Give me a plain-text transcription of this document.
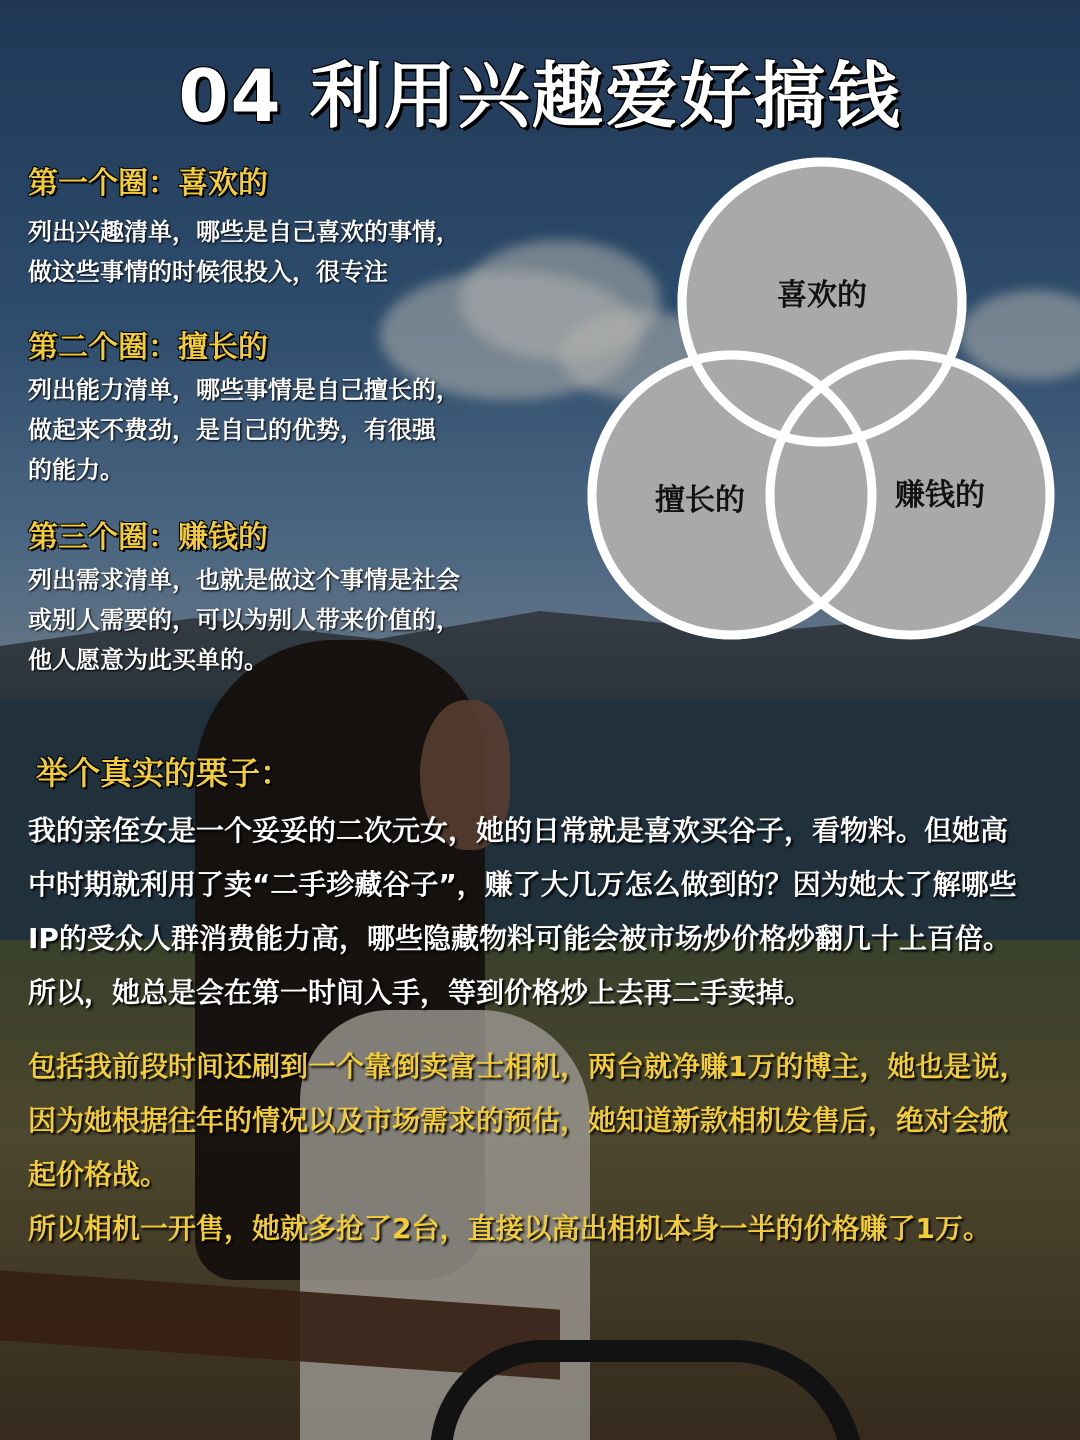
04 利用兴趣爱好搞钱
第一个圈：喜欢的
列出兴趣清单，哪些是自己喜欢的事情，
做这些事情的时候很投入，很专注
第二个圈：擅长的
列出能力清单，哪些事情是自己擅长的，
做起来不费劲，是自己的优势，有很强
的能力。
第三个圈：赚钱的
列出需求清单，也就是做这个事情是社会
或别人需要的，可以为别人带来价值的，
他人愿意为此买单的。
喜欢的
擅长的	赚钱的
举个真实的栗子：
我的亲侄女是一个妥妥的二次元女，她的日常就是喜欢买谷子，看物料。但她高中时期就利用了卖“二手珍藏谷子”，赚了大几万怎么做到的？因为她太了解哪些IP的受众人群消费能力高，哪些隐藏物料可能会被市场炒价格炒翻几十上百倍。所以，她总是会在第一时间入手，等到价格炒上去再二手卖掉。
包括我前段时间还刷到一个靠倒卖富士相机，两台就净赚1万的博主，她也是说，因为她根据往年的情况以及市场需求的预估，她知道新款相机发售后，绝对会掀起价格战。
所以相机一开售，她就多抢了2台，直接以高出相机本身一半的价格赚了1万。
